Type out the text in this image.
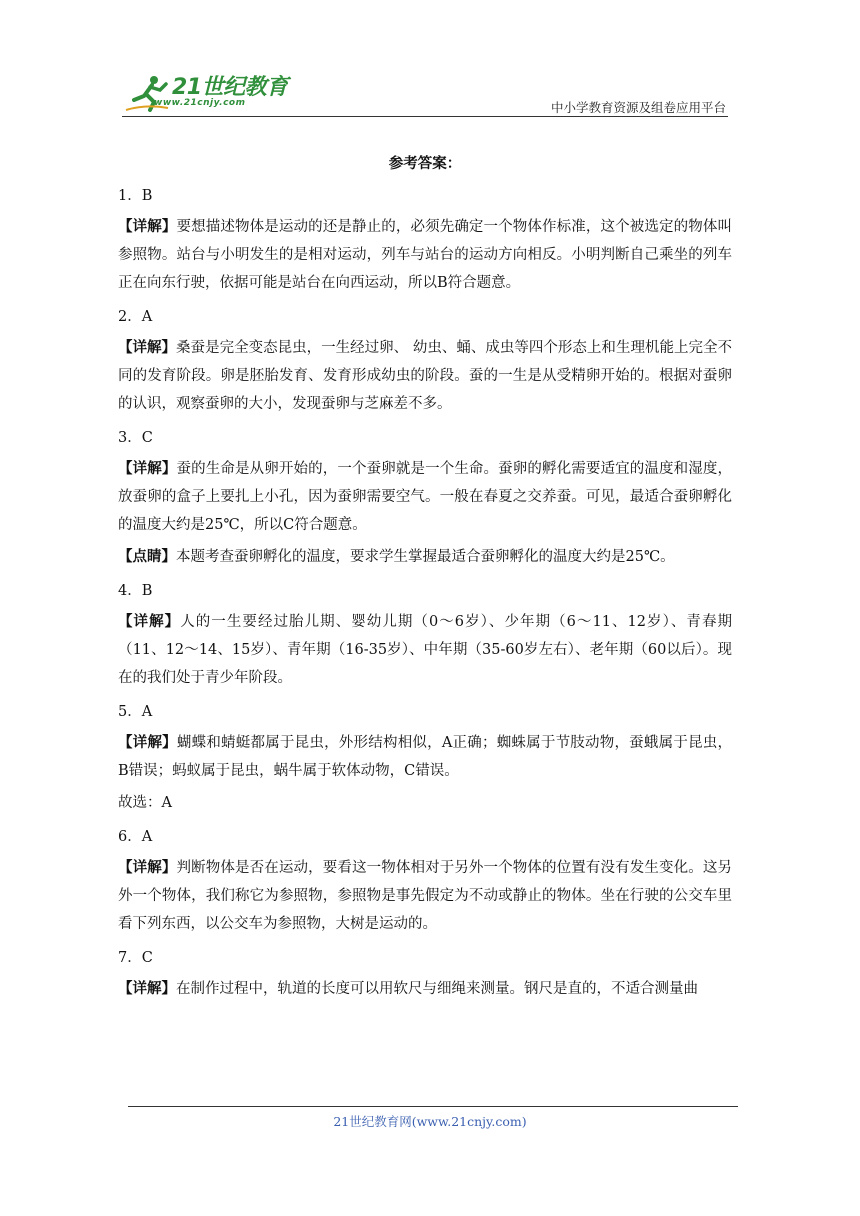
21世纪教育
www.21cnjy.com	中小学教育资源及组卷应用平台

参考答案：

1．B

【详解】要想描述物体是运动的还是静止的，必须先确定一个物体作标准，这个被选定的物体叫参照物。站台与小明发生的是相对运动，列车与站台的运动方向相反。小明判断自己乘坐的列车正在向东行驶，依据可能是站台在向西运动，所以B符合题意。

2．A

【详解】桑蚕是完全变态昆虫，一生经过卵、 幼虫、蛹、成虫等四个形态上和生理机能上完全不同的发育阶段。卵是胚胎发育、发育形成幼虫的阶段。蚕的一生是从受精卵开始的。根据对蚕卵的认识，观察蚕卵的大小，发现蚕卵与芝麻差不多。

3．C

【详解】蚕的生命是从卵开始的，一个蚕卵就是一个生命。蚕卵的孵化需要适宜的温度和湿度，放蚕卵的盒子上要扎上小孔，因为蚕卵需要空气。一般在春夏之交养蚕。可见，最适合蚕卵孵化的温度大约是25℃，所以C符合题意。

【点睛】本题考查蚕卵孵化的温度，要求学生掌握最适合蚕卵孵化的温度大约是25℃。

4．B

【详解】人的一生要经过胎儿期、婴幼儿期（0～6岁）、少年期（6～11、12岁）、青春期（11、12～14、15岁）、青年期（16-35岁）、中年期（35-60岁左右）、老年期（60以后）。现在的我们处于青少年阶段。

5．A

【详解】蝴蝶和蜻蜓都属于昆虫，外形结构相似，A正确；蜘蛛属于节肢动物，蚕蛾属于昆虫，B错误；蚂蚁属于昆虫，蜗牛属于软体动物，C错误。

故选：A

6．A

【详解】判断物体是否在运动，要看这一物体相对于另外一个物体的位置有没有发生变化。这另外一个物体，我们称它为参照物，参照物是事先假定为不动或静止的物体。坐在行驶的公交车里看下列东西，以公交车为参照物，大树是运动的。

7．C

【详解】在制作过程中，轨道的长度可以用软尺与细绳来测量。钢尺是直的，不适合测量曲

21世纪教育网(www.21cnjy.com)
